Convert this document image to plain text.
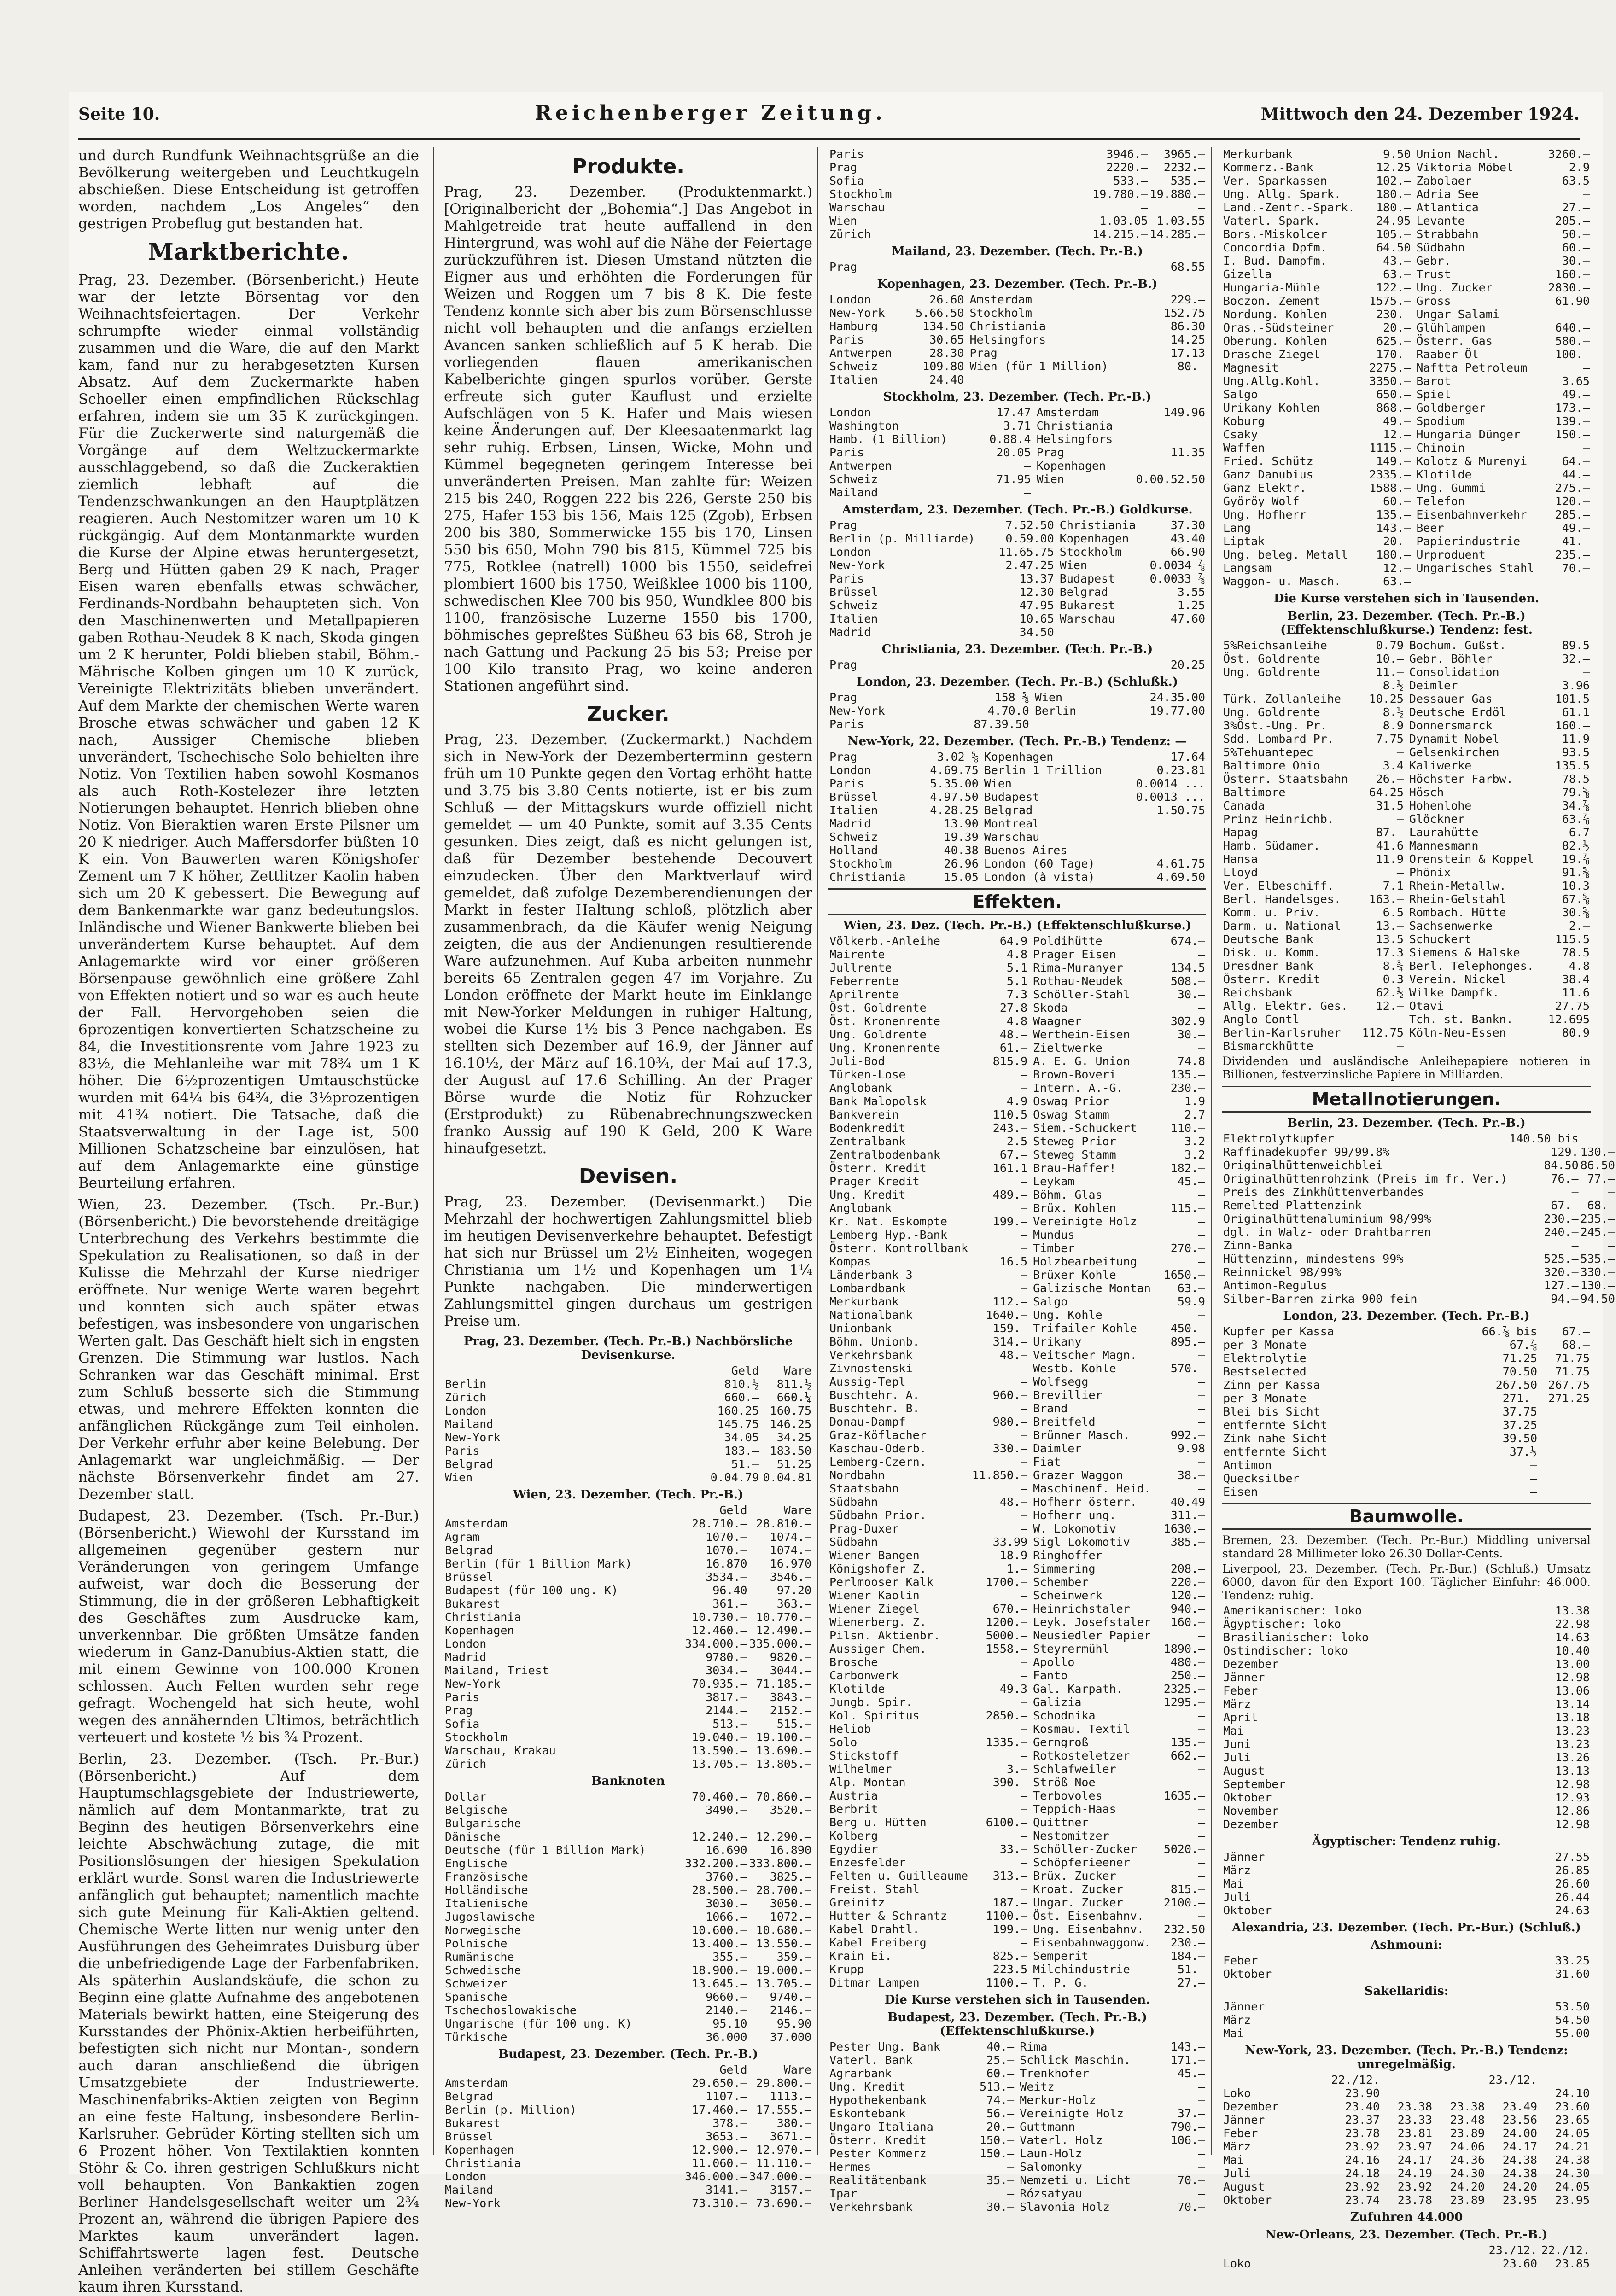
Seite 10.	Reichenberger Zeitung.	Mittwoch den 24. Dezember 1924.

und durch Rundfunk Weihnachtsgrüße an die Bevölkerung weitergeben und Leuchtkugeln abschießen. Diese Entscheidung ist getroffen worden, nachdem „Los Angeles“ den gestrigen Probeflug gut bestanden hat.

Marktberichte.

Prag, 23. Dezember. (Börsenbericht.) Heute war der letzte Börsentag vor den Weihnachtsfeiertagen. Der Verkehr schrumpfte wieder einmal vollständig zusammen und die Ware, die auf den Markt kam, fand nur zu herabgesetzten Kursen Absatz. Auf dem Zuckermarkte haben Schoeller einen empfindlichen Rückschlag erfahren, indem sie um 35 K zurückgingen. Für die Zuckerwerte sind naturgemäß die Vorgänge auf dem Weltzuckermarkte ausschlaggebend, so daß die Zuckeraktien ziemlich lebhaft auf die Tendenzschwankungen an den Hauptplätzen reagieren. Auch Nestomitzer waren um 10 K rückgängig. Auf dem Montanmarkte wurden die Kurse der Alpine etwas heruntergesetzt, Berg und Hütten gaben 29 K nach, Prager Eisen waren ebenfalls etwas schwächer, Ferdinands-Nordbahn behaupteten sich. Von den Maschinenwerten und Metallpapieren gaben Rothau-Neudek 8 K nach, Skoda gingen um 2 K herunter, Poldi blieben stabil, Böhm.-Mährische Kolben gingen um 10 K zurück, Vereinigte Elektrizitäts blieben unverändert. Auf dem Markte der chemischen Werte waren Brosche etwas schwächer und gaben 12 K nach, Aussiger Chemische blieben unverändert, Tschechische Solo behielten ihre Notiz. Von Textilien haben sowohl Kosmanos als auch Roth-Kostelezer ihre letzten Notierungen behauptet. Henrich blieben ohne Notiz. Von Bieraktien waren Erste Pilsner um 20 K niedriger. Auch Maffersdorfer büßten 10 K ein. Von Bauwerten waren Königshofer Zement um 7 K höher, Zettlitzer Kaolin haben sich um 20 K gebessert. Die Bewegung auf dem Bankenmarkte war ganz bedeutungslos. Inländische und Wiener Bankwerte blieben bei unverändertem Kurse behauptet. Auf dem Anlagemarkte wird vor einer größeren Börsenpause gewöhnlich eine größere Zahl von Effekten notiert und so war es auch heute der Fall. Hervorgehoben seien die 6prozentigen konvertierten Schatzscheine zu 84, die Investitionsrente vom Jahre 1923 zu 83½, die Mehlanleihe war mit 78¾ um 1 K höher. Die 6½prozentigen Umtauschstücke wurden mit 64¼ bis 64¾, die 3½prozentigen mit 41¾ notiert. Die Tatsache, daß die Staatsverwaltung in der Lage ist, 500 Millionen Schatzscheine bar einzulösen, hat auf dem Anlagemarkte eine günstige Beurteilung erfahren.

Wien, 23. Dezember. (Tsch. Pr.-Bur.) (Börsenbericht.) Die bevorstehende dreitägige Unterbrechung des Verkehrs bestimmte die Spekulation zu Realisationen, so daß in der Kulisse die Mehrzahl der Kurse niedriger eröffnete. Nur wenige Werte waren begehrt und konnten sich auch später etwas befestigen, was insbesondere von ungarischen Werten galt. Das Geschäft hielt sich in engsten Grenzen. Die Stimmung war lustlos. Nach Schranken war das Geschäft minimal. Erst zum Schluß besserte sich die Stimmung etwas, und mehrere Effekten konnten die anfänglichen Rückgänge zum Teil einholen. Der Verkehr erfuhr aber keine Belebung. Der Anlagemarkt war ungleichmäßig. — Der nächste Börsenverkehr findet am 27. Dezember statt.

Budapest, 23. Dezember. (Tsch. Pr.-Bur.) (Börsenbericht.) Wiewohl der Kursstand im allgemeinen gegenüber gestern nur Veränderungen von geringem Umfange aufweist, war doch die Besserung der Stimmung, die in der größeren Lebhaftigkeit des Geschäftes zum Ausdrucke kam, unverkennbar. Die größten Umsätze fanden wiederum in Ganz-Danubius-Aktien statt, die mit einem Gewinne von 100.000 Kronen schlossen. Auch Felten wurden sehr rege gefragt. Wochengeld hat sich heute, wohl wegen des annähernden Ultimos, beträchtlich verteuert und kostete ½ bis ¾ Prozent.

Berlin, 23. Dezember. (Tsch. Pr.-Bur.) (Börsenbericht.) Auf dem Hauptumschlagsgebiete der Industriewerte, nämlich auf dem Montanmarkte, trat zu Beginn des heutigen Börsenverkehrs eine leichte Abschwächung zutage, die mit Positionslösungen der hiesigen Spekulation erklärt wurde. Sonst waren die Industriewerte anfänglich gut behauptet; namentlich machte sich gute Meinung für Kali-Aktien geltend. Chemische Werte litten nur wenig unter den Ausführungen des Geheimrates Duisburg über die unbefriedigende Lage der Farbenfabriken. Als späterhin Auslandskäufe, die schon zu Beginn eine glatte Aufnahme des angebotenen Materials bewirkt hatten, eine Steigerung des Kursstandes der Phönix-Aktien herbeiführten, befestigten sich nicht nur Montan-, sondern auch daran anschließend die übrigen Umsatzgebiete der Industriewerte. Maschinenfabriks-Aktien zeigten von Beginn an eine feste Haltung, insbesondere Berlin-Karlsruher. Gebrüder Körting stellten sich um 6 Prozent höher. Von Textilaktien konnten Stöhr & Co. ihren gestrigen Schlußkurs nicht voll behaupten. Von Bankaktien zogen Berliner Handelsgesellschaft weiter um 2¾ Prozent an, während die übrigen Papiere des Marktes kaum unverändert lagen. Schiffahrtswerte lagen fest. Deutsche Anleihen veränderten bei stillem Geschäfte kaum ihren Kursstand.

Produkte.

Prag, 23. Dezember. (Produktenmarkt.) [Originalbericht der „Bohemia“.] Das Angebot in Mahlgetreide trat heute auffallend in den Hintergrund, was wohl auf die Nähe der Feiertage zurückzuführen ist. Diesen Umstand nützten die Eigner aus und erhöhten die Forderungen für Weizen und Roggen um 7 bis 8 K. Die feste Tendenz konnte sich aber bis zum Börsenschlusse nicht voll behaupten und die anfangs erzielten Avancen sanken schließlich auf 5 K herab. Die vorliegenden flauen amerikanischen Kabelberichte gingen spurlos vorüber. Gerste erfreute sich guter Kauflust und erzielte Aufschlägen von 5 K. Hafer und Mais wiesen keine Änderungen auf. Der Kleesaatenmarkt lag sehr ruhig. Erbsen, Linsen, Wicke, Mohn und Kümmel begegneten geringem Interesse bei unveränderten Preisen. Man zahlte für: Weizen 215 bis 240, Roggen 222 bis 226, Gerste 250 bis 275, Hafer 153 bis 156, Mais 125 (Zgob), Erbsen 200 bis 380, Sommerwicke 155 bis 170, Linsen 550 bis 650, Mohn 790 bis 815, Kümmel 725 bis 775, Rotklee (natrell) 1000 bis 1550, seidefrei plombiert 1600 bis 1750, Weißklee 1000 bis 1100, schwedischen Klee 700 bis 950, Wundklee 800 bis 1100, französische Luzerne 1550 bis 1700, böhmisches gepreßtes Süßheu 63 bis 68, Stroh je nach Gattung und Packung 25 bis 53; Preise per 100 Kilo transito Prag, wo keine anderen Stationen angeführt sind.

Zucker.

Prag, 23. Dezember. (Zuckermarkt.) Nachdem sich in New-York der Dezemberterminn gestern früh um 10 Punkte gegen den Vortag erhöht hatte und 3.75 bis 3.80 Cents notierte, ist er bis zum Schluß — der Mittagskurs wurde offiziell nicht gemeldet — um 40 Punkte, somit auf 3.35 Cents gesunken. Dies zeigt, daß es nicht gelungen ist, daß für Dezember bestehende Decouvert einzudecken. Über den Marktverlauf wird gemeldet, daß zufolge Dezemberendienungen der Markt in fester Haltung schloß, plötzlich aber zusammenbrach, da die Käufer wenig Neigung zeigten, die aus der Andienungen resultierende Ware aufzunehmen. Auf Kuba arbeiten nunmehr bereits 65 Zentralen gegen 47 im Vorjahre. Zu London eröffnete der Markt heute im Einklange mit New-Yorker Meldungen in ruhiger Haltung, wobei die Kurse 1½ bis 3 Pence nachgaben. Es stellten sich Dezember auf 16.9, der Jänner auf 16.10½, der März auf 16.10¾, der Mai auf 17.3, der August auf 17.6 Schilling. An der Prager Börse wurde die Notiz für Rohzucker (Erstprodukt) zu Rübenabrechnungszwecken franko Aussig auf 190 K Geld, 200 K Ware hinaufgesetzt.

Devisen.

Prag, 23. Dezember. (Devisenmarkt.) Die Mehrzahl der hochwertigen Zahlungsmittel blieb im heutigen Devisenverkehre behauptet. Befestigt hat sich nur Brüssel um 2½ Einheiten, wogegen Christiania um 1½ und Kopenhagen um 1¼ Punkte nachgaben. Die minderwertigen Zahlungsmittel gingen durchaus um gestrigen Preise um.

Prag, 23. Dezember. (Tech. Pr.-B.) Nachbörsliche Devisenkurse.
	Geld	Ware
Berlin	810.½	811.½
Zürich	660.—	660.¼
London	160.25	160.75
Mailand	145.75	146.25
New-York	34.05	34.25
Paris	183.—	183.50
Belgrad	51.—	51.25
Wien	0.04.79	0.04.81
Wien, 23. Dezember. (Tech. Pr.-B.)
	Geld	Ware
Amsterdam	28.710.—	28.810.—
Agram	1070.—	1074.—
Belgrad	1070.—	1074.—
Berlin (für 1 Billion Mark)	16.870	16.970
Brüssel	3534.—	3546.—
Budapest (für 100 ung. K)	96.40	97.20
Bukarest	361.—	363.—
Christiania	10.730.—	10.770.—
Kopenhagen	12.460.—	12.490.—
London	334.000.—	335.000.—
Madrid	9780.—	9820.—
Mailand, Triest	3034.—	3044.—
New-York	70.935.—	71.185.—
Paris	3817.—	3843.—
Prag	2144.—	2152.—
Sofia	513.—	515.—
Stockholm	19.040.—	19.100.—
Warschau, Krakau	13.590.—	13.690.—
Zürich	13.705.—	13.805.—
Banknoten
Dollar	70.460.—	70.860.—
Belgische	3490.—	3520.—
Bulgarische	—	—
Dänische	12.240.—	12.290.—
Deutsche (für 1 Billion Mark)	16.690	16.890
Englische	332.200.—	333.800.—
Französische	3760.—	3825.—
Holländische	28.500.—	28.700.—
Italienische	3030.—	3050.—
Jugoslawische	1066.—	1072.—
Norwegische	10.600.—	10.680.—
Polnische	13.400.—	13.550.—
Rumänische	355.—	359.—
Schwedische	18.900.—	19.000.—
Schweizer	13.645.—	13.705.—
Spanische	9660.—	9740.—
Tschechoslowakische	2140.—	2146.—
Ungarische (für 100 ung. K)	95.10	95.90
Türkische	36.000	37.000
Budapest, 23. Dezember. (Tech. Pr.-B.)
	Geld	Ware
Amsterdam	29.650.—	29.800.—
Belgrad	1107.—	1113.—
Berlin (p. Million)	17.460.—	17.555.—
Bukarest	378.—	380.—
Brüssel	3653.—	3671.—
Kopenhagen	12.900.—	12.970.—
Christiania	11.060.—	11.110.—
London	346.000.—	347.000.—
Mailand	3141.—	3157.—
New-York	73.310.—	73.690.—
Paris	3946.—	3965.—
Prag	2220.—	2232.—
Sofia	533.—	535.—
Stockholm	19.780.—	19.880.—
Warschau	—	—
Wien	1.03.05	1.03.55
Zürich	14.215.—	14.285.—
Mailand, 23. Dezember. (Tech. Pr.-B.)
Prag	68.55
Kopenhagen, 23. Dezember. (Tech. Pr.-B.)
London	26.60	Amsterdam	229.—
New-York	5.66.50	Stockholm	152.75
Hamburg	134.50	Christiania	86.30
Paris	30.65	Helsingfors	14.25
Antwerpen	28.30	Prag	17.13
Schweiz	109.80	Wien (für 1 Million)	80.—
Italien	24.40		
Stockholm, 23. Dezember. (Tech. Pr.-B.)
London	17.47	Amsterdam	149.96
Washington	3.71	Christiania	
Hamb. (1 Billion)	0.88.4	Helsingfors	
Paris	20.05	Prag	11.35
Antwerpen	—	Kopenhagen	
Schweiz	71.95	Wien	0.00.52.50
Mailand	—		
Amsterdam, 23. Dezember. (Tech. Pr.-B.) Goldkurse.
Prag	7.52.50	Christiania	37.30
Berlin (p. Milliarde)	0.59.00	Kopenhagen	43.40
London	11.65.75	Stockholm	66.90
New-York	2.47.25	Wien	0.0034 ⅞
Paris	13.37	Budapest	0.0033 ⅞
Brüssel	12.30	Belgrad	3.55
Schweiz	47.95	Bukarest	1.25
Italien	10.65	Warschau	47.60
Madrid	34.50		
Christiania, 23. Dezember. (Tech. Pr.-B.)
Prag	20.25
London, 23. Dezember. (Tech. Pr.-B.) (Schlußk.)
Prag	158 ⅝	Wien	24.35.00
New-York	4.70.0	Berlin	19.77.00
Paris	87.39.50		
New-York, 22. Dezember. (Tech. Pr.-B.) Tendenz: —
Prag	3.02 ⅝	Kopenhagen	17.64
London	4.69.75	Berlin 1 Trillion	0.23.81
Paris	5.35.00	Wien	0.0014 ...
Brüssel	4.97.50	Budapest	0.0013 ...
Italien	4.28.25	Belgrad	1.50.75
Madrid	13.90	Montreal	
Schweiz	19.39	Warschau	
Holland	40.38	Buenos Aires	
Stockholm	26.96	London (60 Tage)	4.61.75
Christiania	15.05	London (à vista)	4.69.50
Effekten.
Wien, 23. Dez. (Tech. Pr.-B.) (Effektenschlußkurse.)
Völkerb.-Anleihe	64.9	Poldihütte	674.—
Mairente	4.8	Prager Eisen	—
Jullrente	5.1	Rima-Muranyer	134.5
Feberrente	5.1	Rothau-Neudek	508.—
Aprilrente	7.3	Schöller-Stahl	30.—
Öst. Goldrente	27.8	Skoda	—
Öst. Kronenrente	4.8	Waagner	302.9
Ung. Goldrente	48.—	Wertheim-Eisen	30.—
Ung. Kronenrente	61.—	Zieltwerke	—
Juli-Bod	815.9	A. E. G. Union	74.8
Türken-Lose	—	Brown-Boveri	135.—
Anglobank	—	Intern. A.-G.	230.—
Bank Malopolsk	4.9	Oswag Prior	1.9
Bankverein	110.5	Oswag Stamm	2.7
Bodenkredit	243.—	Siem.-Schuckert	110.—
Zentralbank	2.5	Steweg Prior	3.2
Zentralbodenbank	67.—	Steweg Stamm	3.2
Österr. Kredit	161.1	Brau-Haffer!	182.—
Prager Kredit	—	Leykam	45.—
Ung. Kredit	489.—	Böhm. Glas	—
Anglobank	—	Brüx. Kohlen	115.—
Kr. Nat. Eskompte	199.—	Vereinigte Holz	—
Lemberg Hyp.-Bank	—	Mundus	—
Österr. Kontrollbank	—	Timber	270.—
Kompas	16.5	Holzbearbeitung	—
Länderbank 3	—	Brüxer Kohle	1650.—
Lombardbank	—	Galizische Montan	63.—
Merkurbank	112.—	Salgo	59.9
Nationalbank	1640.—	Ung. Kohle	—
Unionbank	159.—	Trifailer Kohle	450.—
Böhm. Unionb.	314.—	Urikany	895.—
Verkehrsbank	48.—	Veitscher Magn.	—
Zivnostenski	—	Westb. Kohle	570.—
Aussig-Tepl	—	Wolfsegg	—
Buschtehr. A.	960.—	Brevillier	—
Buschtehr. B.	—	Brand	—
Donau-Dampf	980.—	Breitfeld	—
Graz-Köflacher	—	Brünner Masch.	992.—
Kaschau-Oderb.	330.—	Daimler	9.98
Lemberg-Czern.	—	Fiat	—
Nordbahn	11.850.—	Grazer Waggon	38.—
Staatsbahn	—	Maschinenf. Heid.	—
Südbahn	48.—	Hofherr österr.	40.49
Südbahn Prior.	—	Hofherr ung.	311.—
Prag-Duxer	—	W. Lokomotiv	1630.—
Südbahn	33.99	Sigl Lokomotiv	385.—
Wiener Bangen	18.9	Ringhoffer	—
Königshofer Z.	1.—	Simmering	208.—
Perlmooser Kalk	1700.—	Schember	220.—
Wiener Kaolin	—	Scheinwerk	120.—
Wiener Ziegel	670.—	Heinrichstaler	940.—
Wienerberg. Z.	1200.—	Leyk. Josefstaler	160.—
Pilsn. Aktienbr.	5000.—	Neusiedler Papier	—
Aussiger Chem.	1558.—	Steyrermühl	1890.—
Brosche	—	Apollo	480.—
Carbonwerk	—	Fanto	250.—
Klotilde	49.3	Gal. Karpath.	2325.—
Jungb. Spir.	—	Galizia	1295.—
Kol. Spiritus	2850.—	Schodnika	—
Heliob	—	Kosmau. Textil	—
Solo	1335.—	Gerngroß	135.—
Stickstoff	—	Rotkosteletzer	662.—
Wilhelmer	3.—	Schlafweiler	—
Alp. Montan	390.—	Ströß Noe	—
Austria	—	Terbovoles	1635.—
Berbrit	—	Teppich-Haas	—
Berg u. Hütten	6100.—	Quittner	—
Kolberg	—	Nestomitzer	—
Egydier	33.—	Schöller-Zucker	5020.—
Enzesfelder	—	Schöpferieener	—
Felten u. Guilleaume	313.—	Brüx. Zucker	—
Freist. Stahl	—	Kroat. Zucker	815.—
Greinitz	187.—	Ungar. Zucker	2100.—
Hutter & Schrantz	1100.—	Öst. Eisenbahnv.	—
Kabel Drahtl.	199.—	Ung. Eisenbahnv.	232.50
Kabel Freiberg	—	Eisenbahnwaggonw.	230.—
Krain Ei.	825.—	Semperit	184.—
Krupp	223.5	Milchindustrie	51.—
Ditmar Lampen	1100.—	T. P. G.	27.—
Die Kurse verstehen sich in Tausenden.
Budapest, 23. Dezember. (Tech. Pr.-B.) (Effektenschlußkurse.)
Pester Ung. Bank	40.—	Rima	143.—
Vaterl. Bank	25.—	Schlick Maschin.	171.—
Agrarbank	60.—	Trenkhofer	45.—
Ung. Kredit	513.—	Weitz	—
Hypothekenbank	74.—	Merkur-Holz	—
Eskontebank	56.—	Vereinigte Holz	37.—
Ungaro Italiana	20.—	Guttmann	790.—
Österr. Kredit	150.—	Vaterl. Holz	106.—
Pester Kommerz	150.—	Laun-Holz	—
Hermes	—	Salomonky	—
Realitätenbank	35.—	Nemzeti u. Licht	70.—
Ipar	—	Rózsatyau	—
Verkehrsbank	30.—	Slavonia Holz	70.—
Merkurbank	9.50	Union Nachl.	3260.—
Kommerz.-Bank	12.25	Viktoria Möbel	2.9
Ver. Sparkassen	102.—	Zabolaer	63.5
Ung. Allg. Spark.	180.—	Adria See	—
Land.-Zentr.-Spark.	180.—	Atlantica	27.—
Vaterl. Spark.	24.95	Levante	205.—
Bors.-Miskolcer	105.—	Strabbahn	50.—
Concordia Dpfm.	64.50	Südbahn	60.—
I. Bud. Dampfm.	43.—	Gebr.	30.—
Gizella	63.—	Trust	160.—
Hungaria-Mühle	122.—	Ung. Zucker	2830.—
Boczon. Zement	1575.—	Gross	61.90
Nordung. Kohlen	230.—	Ungar Salami	—
Oras.-Südsteiner	20.—	Glühlampen	640.—
Oberung. Kohlen	625.—	Österr. Gas	580.—
Drasche Ziegel	170.—	Raaber Öl	100.—
Magnesit	2275.—	Naftta Petroleum	—
Ung.Allg.Kohl.	3350.—	Barot	3.65
Salgo	650.—	Spiel	49.—
Urikany Kohlen	868.—	Goldberger	173.—
Koburg	49.—	Spodium	139.—
Csaky	12.—	Hungaria Dünger	150.—
Waffen	1115.—	Chinoin	—
Fried. Schütz	149.—	Kolotz & Murenyi	64.—
Ganz Danubius	2335.—	Klotilde	44.—
Ganz Elektr.	1588.—	Ung. Gummi	275.—
Györöy Wolf	60.—	Telefon	120.—
Ung. Hofherr	135.—	Eisenbahnverkehr	285.—
Lang	143.—	Beer	49.—
Liptak	20.—	Papierindustrie	41.—
Ung. beleg. Metall	180.—	Urproduent	235.—
Langsam	12.—	Ungarisches Stahl	70.—
Waggon- u. Masch.	63.—		
Die Kurse verstehen sich in Tausenden.
Berlin, 23. Dezember. (Tech. Pr.-B.) (Effektenschlußkurse.) Tendenz: fest.
5%Reichsanleihe	0.79	Bochum. Gußst.	89.5
Öst. Goldrente	10.—	Gebr. Böhler	32.—
Ung. Goldrente	11.—	Consolidation	—
	8.½	Deimler	3.96
Türk. Zollanleihe	10.25	Dessauer Gas	101.5
Ung. Goldrente	8.½	Deutsche Erdöl	61.1
3%Öst.-Ung. Pr.	8.9	Donnersmarck	160.—
Sdd. Lombard Pr.	7.75	Dynamit Nobel	11.9
5%Tehuantepec	—	Gelsenkirchen	93.5
Baltimore Ohio	3.4	Kaliwerke	135.5
Österr. Staatsbahn	26.—	Höchster Farbw.	78.5
Baltimore	64.25	Hösch	79.⅝
Canada	31.5	Hohenlohe	34.⅞
Prinz Heinrichb.	—	Glöckner	63.⅞
Hapag	87.—	Laurahütte	6.7
Hamb. Südamer.	41.6	Mannesmann	82.½
Hansa	11.9	Orenstein & Koppel	19.⅞
Lloyd	—	Phönix	91.⅝
Ver. Elbeschiff.	7.1	Rhein-Metallw.	10.3
Berl. Handelsges.	163.—	Rhein-Gelstahl	67.⅝
Komm. u. Priv.	6.5	Rombach. Hütte	30.⅝
Darm. u. National	13.—	Sachsenwerke	2.—
Deutsche Bank	13.5	Schuckert	115.5
Disk. u. Komm.	17.3	Siemens & Halske	78.5
Dresdner Bank	8.¾	Berl. Telephonges.	4.8
Österr. Kredit	0.3	Verein. Nickel	38.4
Reichsbank	62.½	Wilke Dampfk.	11.6
Allg. Elektr. Ges.	12.—	Otavi	27.75
Anglo-Contl	—	Tch.-st. Bankn.	12.695
Berlin-Karlsruher	112.75	Köln-Neu-Essen	80.9
Bismarckhütte	—		

Dividenden und ausländische Anleihepapiere notieren in Billionen, festverzinsliche Papiere in Milliarden.

Metallnotierungen.
Berlin, 23. Dezember. (Tech. Pr.-B.)
Elektrolytkupfer	140.50 bis	
Raffinadekupfer 99/99.8%	129.	130.—
Originalhüttenweichblei	84.50	86.50
Originalhüttenrohzink (Preis im fr. Ver.)	76.—	77.—
Preis des Zinkhüttenverbandes	—	—
Remelted-Plattenzink	67.—	68.—
Originalhüttenaluminium 98/99%	230.—	235.—
dgl. in Walz- oder Drahtbarren	240.—	245.—
Zinn-Banka	—	—
Hüttenzinn, mindestens 99%	525.—	535.—
Reinnickel 98/99%	320.—	330.—
Antimon-Regulus	127.—	130.—
Silber-Barren zirka 900 fein	94.—	94.50
London, 23. Dezember. (Tech. Pr.-B.)
Kupfer per Kassa	66.⅞ bis	67.—
per 3 Monate	67.⅞	68.—
Elektrolytie	71.25	71.75
Bestselected	70.50	71.75
Zinn per Kassa	267.50	267.75
per 3 Monate	271.—	271.25
Blei bis Sicht	37.75	
entfernte Sicht	37.25	
Zink nahe Sicht	39.50	
entfernte Sicht	37.½	
Antimon	—	
Quecksilber	—	
Eisen	—	
Baumwolle.

Bremen, 23. Dezember. (Tech. Pr.-Bur.) Middling universal standard 28 Millimeter loko 26.30 Dollar-Cents.

Liverpool, 23. Dezember. (Tech. Pr.-Bur.) (Schluß.) Umsatz 6000, davon für den Export 100. Täglicher Einfuhr: 46.000. Tendenz: ruhig.

Amerikanischer: loko	13.38
Ägyptischer: loko	22.98
Brasilianischer: loko	14.63
Ostindischer: loko	10.40
Dezember	13.00
Jänner	12.98
Feber	13.06
März	13.14
April	13.18
Mai	13.23
Juni	13.23
Juli	13.26
August	13.13
September	12.98
Oktober	12.93
November	12.86
Dezember	12.98
Ägyptischer: Tendenz ruhig.
Jänner	27.55
März	26.85
Mai	26.60
Juli	26.44
Oktober	24.63
Alexandria, 23. Dezember. (Tech. Pr.-Bur.) (Schluß.)
Ashmouni:
Feber	33.25
Oktober	31.60
Sakellaridis:
Jänner	53.50
März	54.50
Mai	55.00
New-York, 23. Dezember. (Tech. Pr.-B.) Tendenz: unregelmäßig.
	22./12.			23./12.	
Loko	23.90				24.10
Dezember	23.40	23.38	23.38	23.49	23.60
Jänner	23.37	23.33	23.48	23.56	23.65
Feber	23.78	23.81	23.89	24.00	24.05
März	23.92	23.97	24.06	24.17	24.21
Mai	24.16	24.17	24.36	24.38	24.38
Juli	24.18	24.19	24.30	24.38	24.30
August	23.92	23.92	24.20	24.20	24.05
Oktober	23.74	23.78	23.89	23.95	23.95
Zufuhren 44.000
New-Orleans, 23. Dezember. (Tech. Pr.-B.)
	23./12.	22./12.
Loko	23.60	23.85
